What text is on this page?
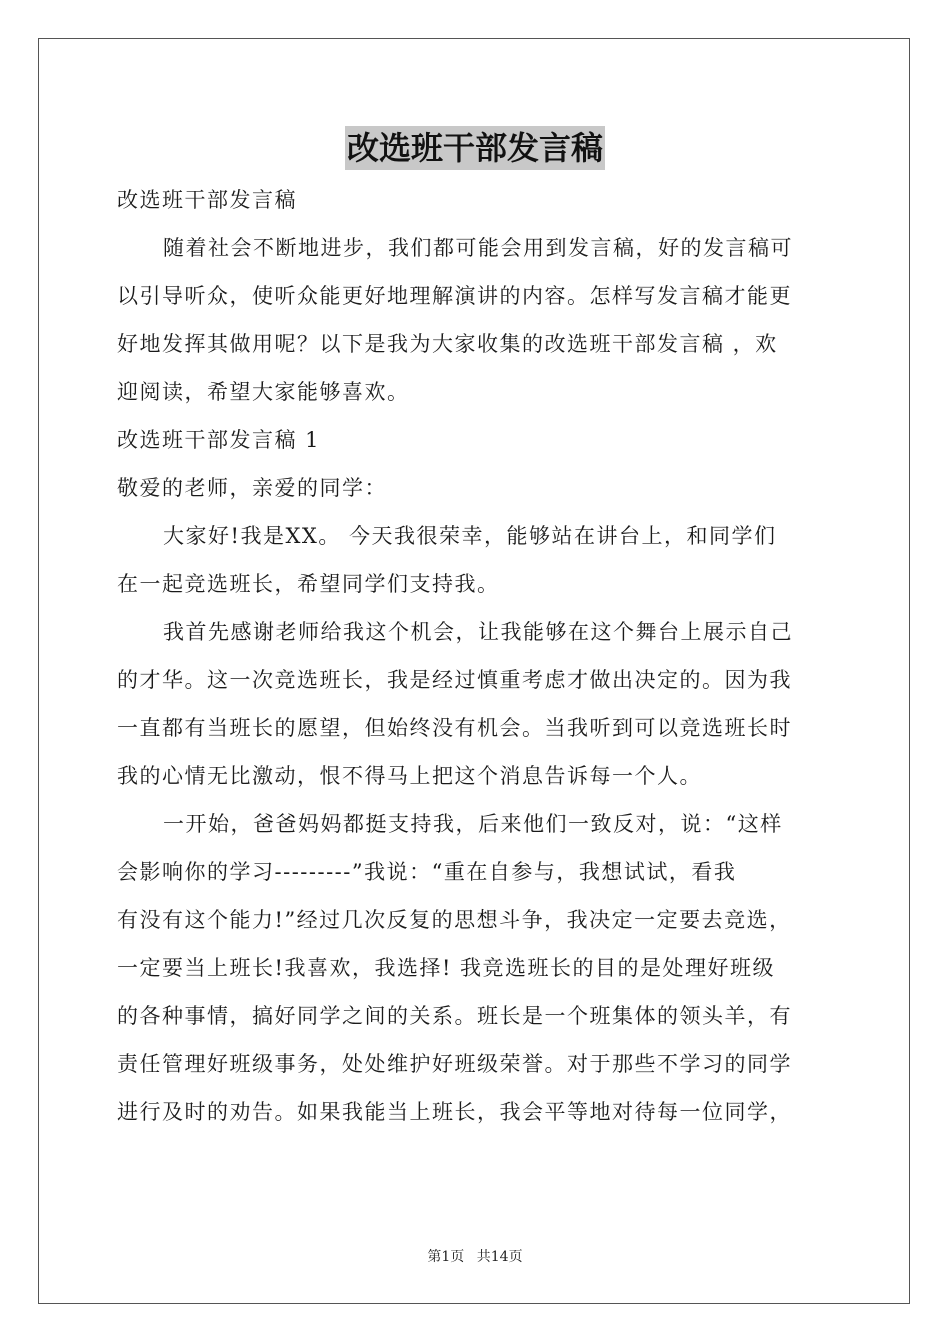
改选班干部发言稿
改选班干部发言稿
随着社会不断地进步，我们都可能会用到发言稿，好的发言稿可
以引导听众，使听众能更好地理解演讲的内容。怎样写发言稿才能更
好地发挥其做用呢？以下是我为大家收集的改选班干部发言稿 ，欢
迎阅读，希望大家能够喜欢。
改选班干部发言稿 1
敬爱的老师，亲爱的同学：
大家好!我是XX。 今天我很荣幸，能够站在讲台上，和同学们
在一起竞选班长，希望同学们支持我。
我首先感谢老师给我这个机会，让我能够在这个舞台上展示自己
的才华。这一次竞选班长，我是经过慎重考虑才做出决定的。因为我
一直都有当班长的愿望，但始终没有机会。当我听到可以竞选班长时
我的心情无比激动，恨不得马上把这个消息告诉每一个人。
一开始，爸爸妈妈都挺支持我，后来他们一致反对，说：“这样
会影响你的学习---------”我说：“重在自参与，我想试试，看我
有没有这个能力!”经过几次反复的思想斗争，我决定一定要去竞选，
一定要当上班长!我喜欢，我选择! 我竞选班长的目的是处理好班级
的各种事情，搞好同学之间的关系。班长是一个班集体的领头羊，有
责任管理好班级事务，处处维护好班级荣誉。对于那些不学习的同学
进行及时的劝告。如果我能当上班长，我会平等地对待每一位同学，
第1页 共14页
